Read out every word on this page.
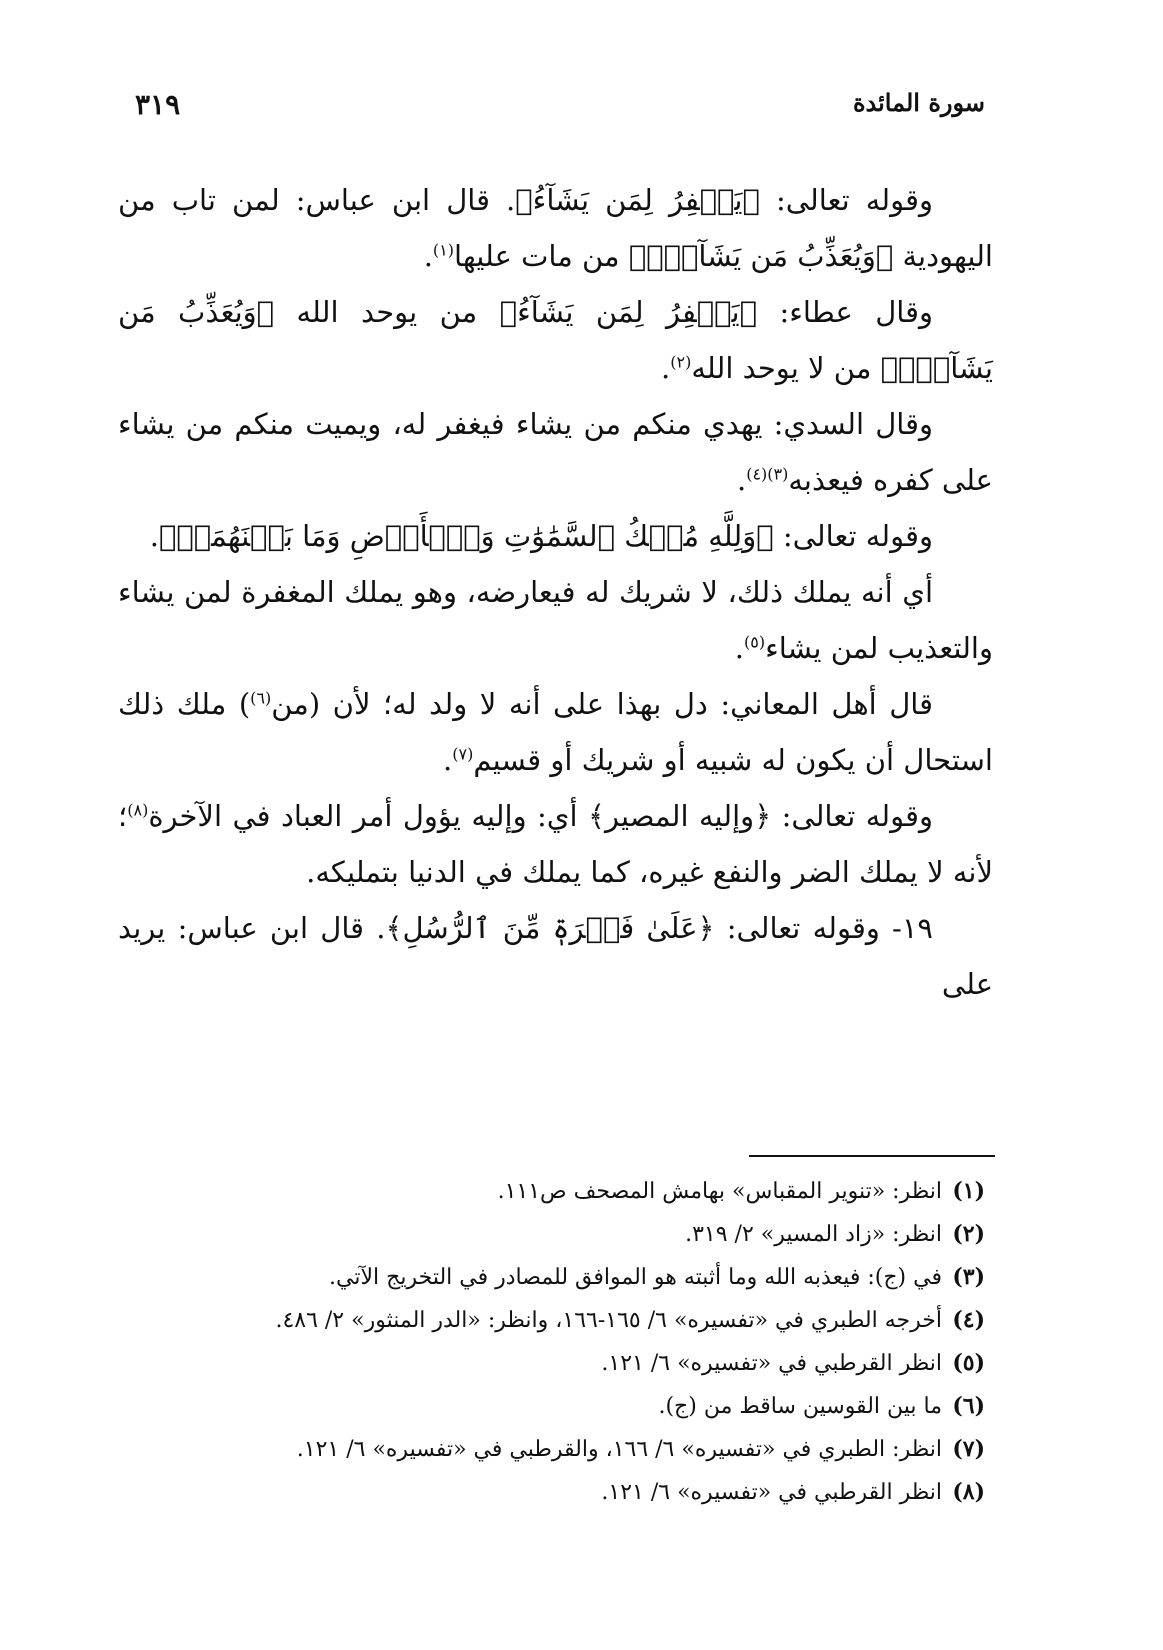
سورة المائدة
٣١٩

وقوله تعالى: ﴿يَغۡفِرُ لِمَن يَشَآءُ﴾. قال ابن عباس: لمن تاب من اليهودية ﴿وَيُعَذِّبُ مَن يَشَآءُۚ﴾ من مات عليها$^{(١)}$.

وقال عطاء: ﴿يَغۡفِرُ لِمَن يَشَآءُ﴾ من يوحد الله ﴿وَيُعَذِّبُ مَن يَشَآءُۚ﴾ من لا يوحد الله$^{(٢)}$.

وقال السدي: يهدي منكم من يشاء فيغفر له، ويميت منكم من يشاء على كفره فيعذبه$^{(٣)(٤)}$.

وقوله تعالى: ﴿وَلِلَّهِ مُلۡكُ ٱلسَّمَٰوَٰتِ وَٱلۡأَرۡضِ وَمَا بَيۡنَهُمَاۚ﴾.

أي أنه يملك ذلك، لا شريك له فيعارضه، وهو يملك المغفرة لمن يشاء والتعذيب لمن يشاء$^{(٥)}$.

قال أهل المعاني: دل بهذا على أنه لا ولد له؛ لأن (من$^{(٦)}$) ملك ذلك استحال أن يكون له شبيه أو شريك أو قسيم$^{(٧)}$.

وقوله تعالى: ﴿وإليه المصير﴾ أي: وإليه يؤول أمر العباد في الآخرة$^{(٨)}$؛ لأنه لا يملك الضر والنفع غيره، كما يملك في الدنيا بتمليكه.

١٩- وقوله تعالى: ﴿عَلَىٰ فَتۡرَةٖ مِّنَ ٱلرُّسُلِ﴾. قال ابن عباس: يريد على

(١) انظر: «تنوير المقباس» بهامش المصحف ص١١١.
(٢) انظر: «زاد المسير» ٢/ ٣١٩.
(٣) في (ج): فيعذبه الله وما أثبته هو الموافق للمصادر في التخريج الآتي.
(٤) أخرجه الطبري في «تفسيره» ٦/ ١٦٥-١٦٦، وانظر: «الدر المنثور» ٢/ ٤٨٦.
(٥) انظر القرطبي في «تفسيره» ٦/ ١٢١.
(٦) ما بين القوسين ساقط من (ج).
(٧) انظر: الطبري في «تفسيره» ٦/ ١٦٦، والقرطبي في «تفسيره» ٦/ ١٢١.
(٨) انظر القرطبي في «تفسيره» ٦/ ١٢١.
